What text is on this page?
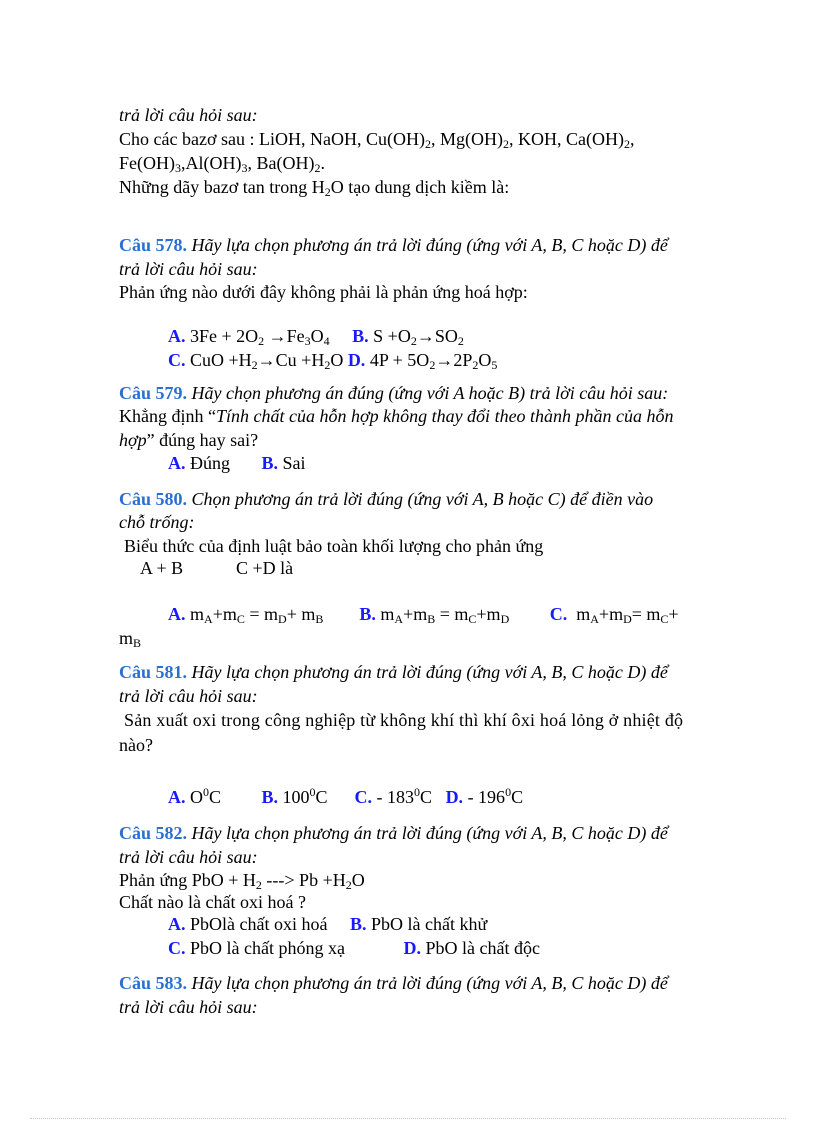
trả lời câu hỏi sau:
Cho các bazơ sau : LiOH, NaOH, $Cu(OH)_2$, $Mg(OH)_2$, KOH, $Ca(OH)_2$,
$Fe(OH)_3,Al(OH)_3$, $Ba(OH)_2$.
Những dãy bazơ tan trong $H_2O$ tạo dung dịch kiềm là:
Câu 578. Hãy lựa chọn phương án trả lời đúng (ứng với A, B, C hoặc D) để
trả lời câu hỏi sau:
Phản ứng nào dưới đây không phải là phản ứng hoá hợp:
A. $3Fe + 2O_2 \to Fe_3O_4$ B. $S +O_2\to SO_2$
C. CuO $+H_2\to Cu +H_2O$ D. $4P + 5O_2\to 2P_2O_5$
Câu 579. Hãy chọn phương án đúng (ứng với A hoặc B) trả lời câu hỏi sau:
Khẳng định “Tính chất của hỗn hợp không thay đổi theo thành phần của hỗn
hợp” đúng hay sai?
A. Đúng B. Sai
Câu 580. Chọn phương án trả lời đúng (ứng với A, B hoặc C) để điền vào
chỗ trống:
Biểu thức của định luật bảo toàn khối lượng cho phản ứng
A + B	C +D là
A. $m_A+m_C = m_D+ m_B$ B. $m_A+m_B = m_C+m_D$ C.  $m_A+m_D= m_C+$
$m_B$
Câu 581. Hãy lựa chọn phương án trả lời đúng (ứng với A, B, C hoặc D) để
trả lời câu hỏi sau:
Sản xuất oxi trong công nghiệp từ không khí thì khí ôxi hoá lỏng ở nhiệt độ
nào?
A. $O^0C$         B. $100^0C$      C. - $183^0C$   D. - $196^0C$
Câu 582. Hãy lựa chọn phương án trả lời đúng (ứng với A, B, C hoặc D) để
trả lời câu hỏi sau:
Phản ứng PbO + $H_2$ ---> $Pb +H_2O$
Chất nào là chất oxi hoá ?
A. PbOlà chất oxi hoá B. PbO là chất khử
C. PbO là chất phóng xạ	D. PbO là chất độc
Câu 583. Hãy lựa chọn phương án trả lời đúng (ứng với A, B, C hoặc D) để
trả lời câu hỏi sau:
